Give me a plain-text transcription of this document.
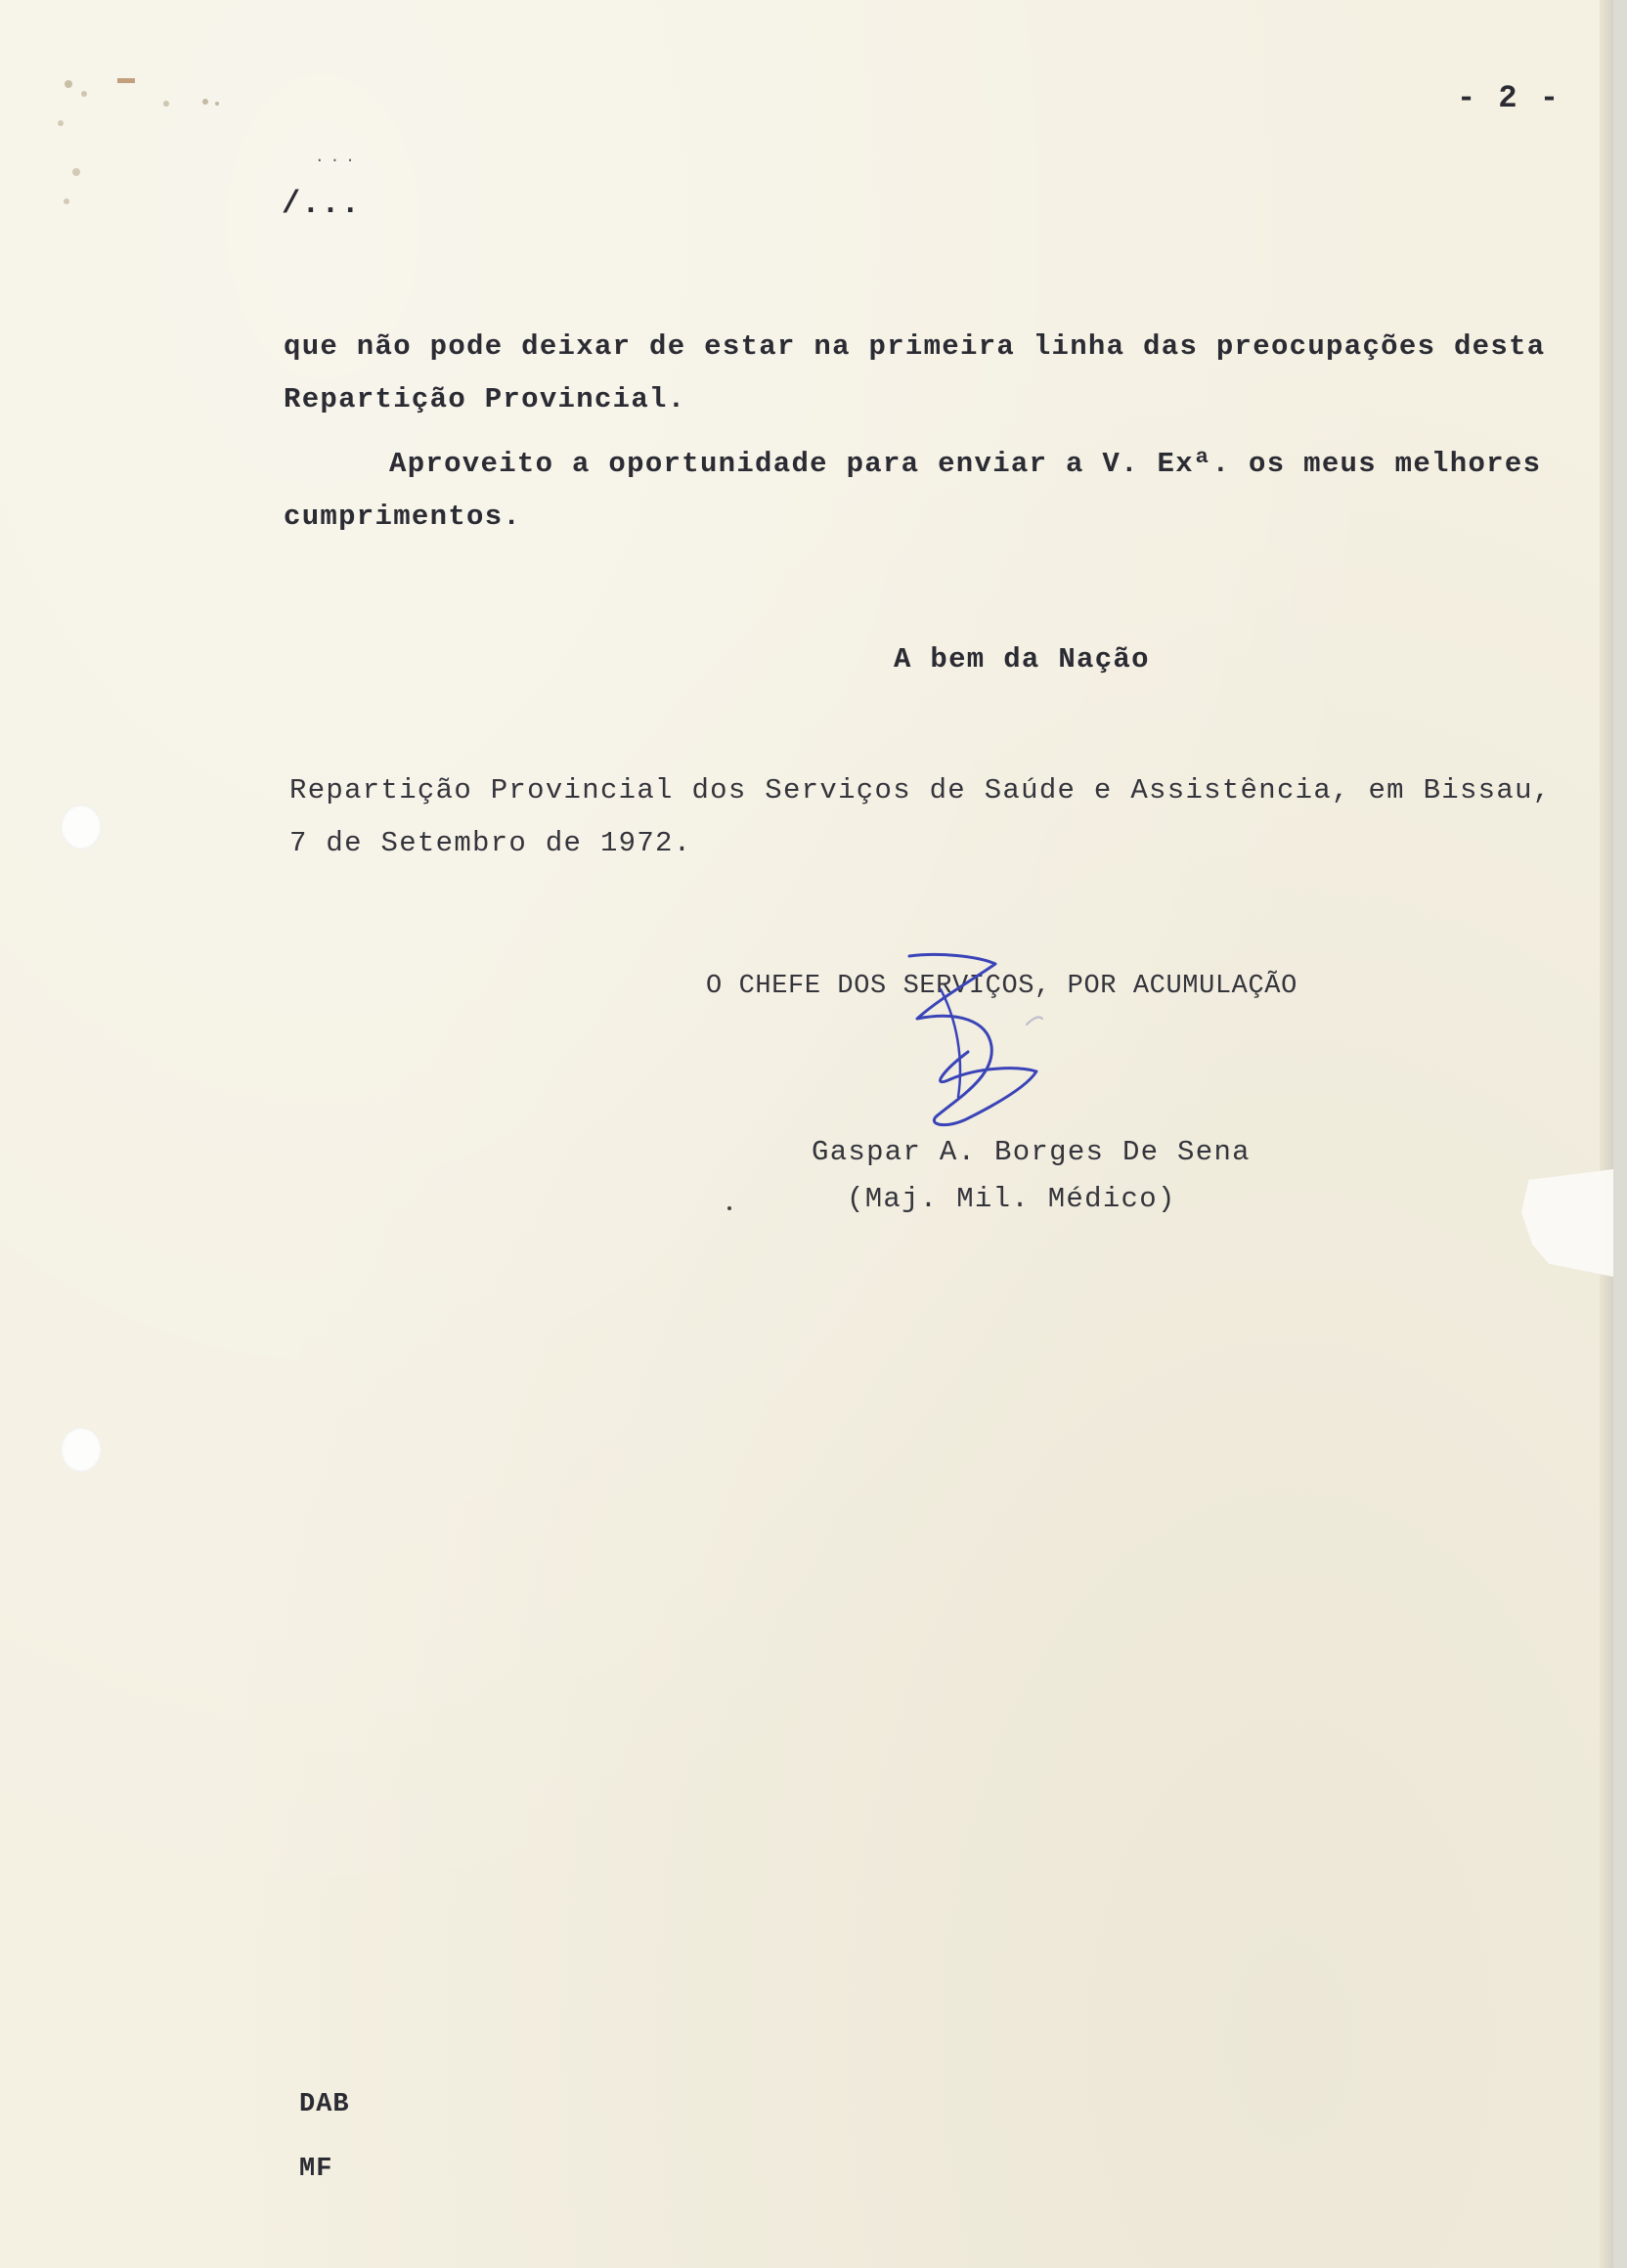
- 2 -
...
/...
que não pode deixar de estar na primeira linha das preocupações desta
Repartição Provincial.
Aproveito a oportunidade para enviar a V. Exª. os meus melhores
cumprimentos.
A bem da Nação
Repartição Provincial dos Serviços de Saúde e Assistência, em Bissau,
7 de Setembro de 1972.
O CHEFE DOS SERVIÇOS, POR ACUMULAÇÃO
Gaspar A. Borges De Sena
(Maj. Mil. Médico)
DAB
MF
